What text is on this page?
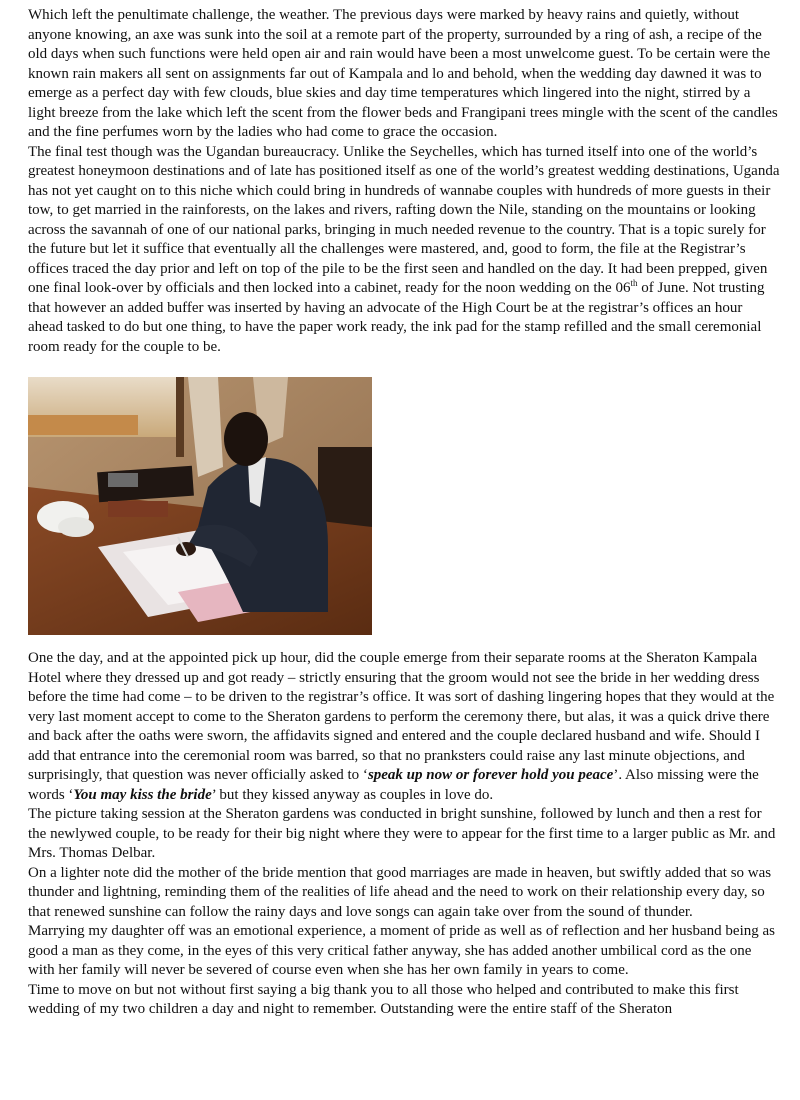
Which left the penultimate challenge, the weather. The previous days were marked by heavy rains and quietly, without anyone knowing, an axe was sunk into the soil at a remote part of the property, surrounded by a ring of ash, a recipe of the old days when such functions were held open air and rain would have been a most unwelcome guest. To be certain were the known rain makers all sent on assignments far out of Kampala and lo and behold, when the wedding day dawned it was to emerge as a perfect day with few clouds, blue skies and day time temperatures which lingered into the night, stirred by a light breeze from the lake which left the scent from the flower beds and Frangipani trees mingle with the scent of the candles and the fine perfumes worn by the ladies who had come to grace the occasion.

The final test though was the Ugandan bureaucracy. Unlike the Seychelles, which has turned itself into one of the world’s greatest honeymoon destinations and of late has positioned itself as one of the world’s greatest wedding destinations, Uganda has not yet caught on to this niche which could bring in hundreds of wannabe couples with hundreds of more guests in their tow, to get married in the rainforests, on the lakes and rivers, rafting down the Nile, standing on the mountains or looking across the savannah of one of our national parks, bringing in much needed revenue to the country. That is a topic surely for the future but let it suffice that eventually all the challenges were mastered, and, good to form, the file at the Registrar’s offices traced the day prior and left on top of the pile to be the first seen and handled on the day. It had been prepped, given one final look-over by officials and then locked into a cabinet, ready for the noon wedding on the 06th of June. Not trusting that however an added buffer was inserted by having an advocate of the High Court be at the registrar’s offices an hour ahead tasked to do but one thing, to have the paper work ready, the ink pad for the stamp refilled and the small ceremonial room ready for the couple to be.

One the day, and at the appointed pick up hour, did the couple emerge from their separate rooms at the Sheraton Kampala Hotel where they dressed up and got ready – strictly ensuring that the groom would not see the bride in her wedding dress before the time had come – to be driven to the registrar’s office. It was sort of dashing lingering hopes that they would at the very last moment accept to come to the Sheraton gardens to perform the ceremony there, but alas, it was a quick drive there and back after the oaths were sworn, the affidavits signed and entered and the couple declared husband and wife. Should I add that entrance into the ceremonial room was barred, so that no pranksters could raise any last minute objections, and surprisingly, that question was never officially asked to ‘speak up now or forever hold you peace’. Also missing were the words ‘You may kiss the bride’ but they kissed anyway as couples in love do.

The picture taking session at the Sheraton gardens was conducted in bright sunshine, followed by lunch and then a rest for the newlywed couple, to be ready for their big night where they were to appear for the first time to a larger public as Mr. and Mrs. Thomas Delbar.

On a lighter note did the mother of the bride mention that good marriages are made in heaven, but swiftly added that so was thunder and lightning, reminding them of the realities of life ahead and the need to work on their relationship every day, so that renewed sunshine can follow the rainy days and love songs can again take over from the sound of thunder.

Marrying my daughter off was an emotional experience, a moment of pride as well as of reflection and her husband being as good a man as they come, in the eyes of this very critical father anyway, she has added another umbilical cord as the one with her family will never be severed of course even when she has her own family in years to come.

Time to move on but not without first saying a big thank you to all those who helped and contributed to make this first wedding of my two children a day and night to remember. Outstanding were the entire staff of the Sheraton
